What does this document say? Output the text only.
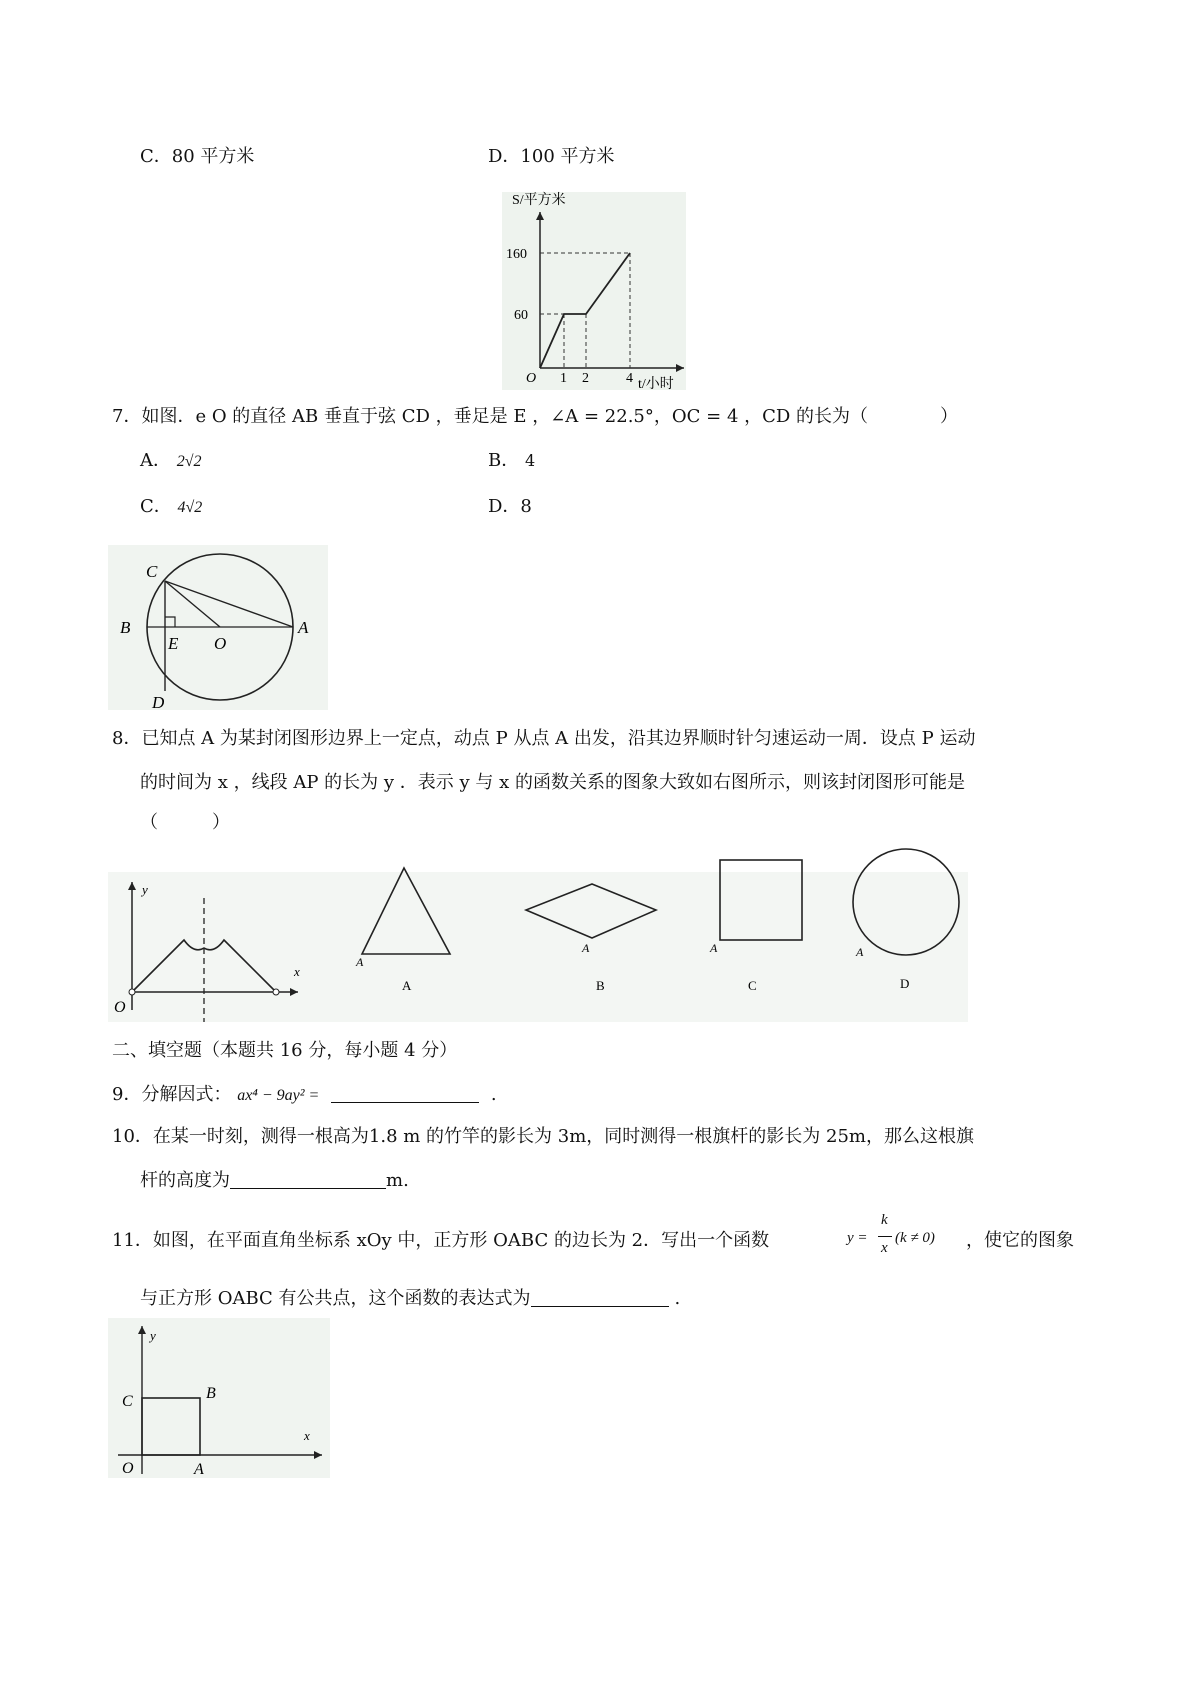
C．80 平方米	D．100 平方米
S/平方米
160
60
O 1 2	4 t/小时
7．如图．e O 的直径 AB 垂直于弦 CD ，垂足是 E ，∠A = 22.5°，OC = 4 ，CD 的长为（　　　　）
A． 2√2	B． 4
C． 4√2	D．8
C
B
E O
A
D
8．已知点 A 为某封闭图形边界上一定点，动点 P 从点 A 出发，沿其边界顺时针匀速运动一周．设点 P 运动
的时间为 x ，线段 AP 的长为 y ．表示 y 与 x 的函数关系的图象大致如右图所示，则该封闭图形可能是
（　　　）
y
x
O
A
A
A
B
A
C
A
D
二、填空题（本题共 16 分，每小题 4 分）
9．分解因式： ax⁴ − 9ay² =	.
10．在某一时刻，测得一根高为1.8 m 的竹竿的影长为 3m，同时测得一根旗杆的影长为 25m，那么这根旗
杆的高度为	m.
11．如图，在平面直角坐标系 xOy 中，正方形 OABC 的边长为 2．写出一个函数	y =
k
x
(k ≠ 0) ，使它的图象
与正方形 OABC 有公共点，这个函数的表达式为	.
y
x
O	A
B
C
